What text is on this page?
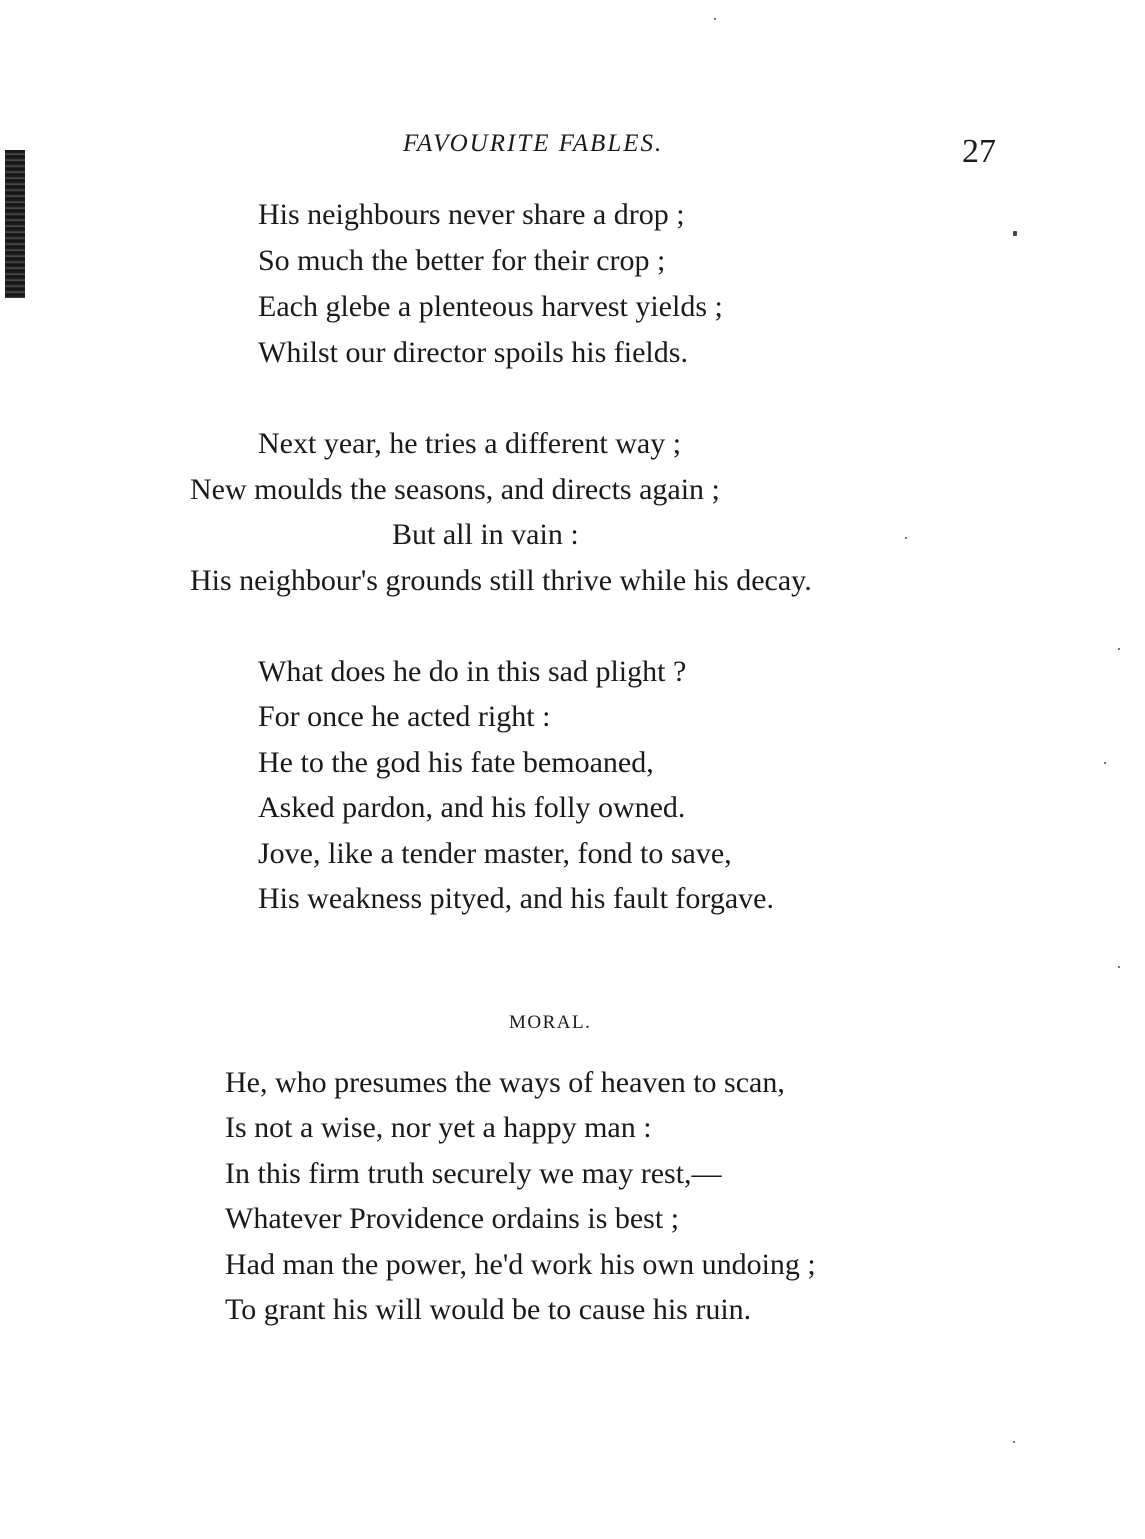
FAVOURITE FABLES.	27
His neighbours never share a drop ;
So much the better for their crop ;
Each glebe a plenteous harvest yields ;
Whilst our director spoils his fields.
Next year, he tries a different way ;
New moulds the seasons, and directs again ;
But all in vain :
His neighbour's grounds still thrive while his decay.
What does he do in this sad plight ?
For once he acted right :
He to the god his fate bemoaned,
Asked pardon, and his folly owned.
Jove, like a tender master, fond to save,
His weakness pityed, and his fault forgave.
MORAL.
He, who presumes the ways of heaven to scan,
Is not a wise, nor yet a happy man :
In this firm truth securely we may rest,—
Whatever Providence ordains is best ;
Had man the power, he'd work his own undoing ;
To grant his will would be to cause his ruin.
